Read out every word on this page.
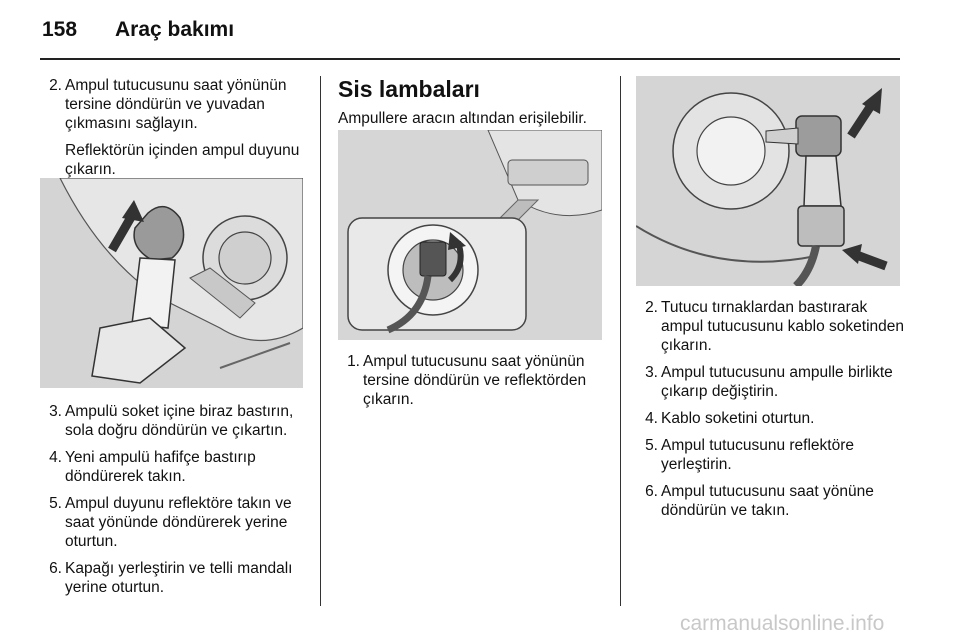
158 Araç bakımı
2. Ampul tutucusunu saat yönünün tersine döndürün ve yuvadan çıkmasını sağlayın.
Reflektörün içinden ampul duyunu çıkarın.
3. Ampulü soket içine biraz bastırın, sola doğru döndürün ve çıkartın.
4. Yeni ampulü hafifçe bastırıp döndürerek takın.
5. Ampul duyunu reflektöre takın ve saat yönünde döndürerek yerine oturtun.
6. Kapağı yerleştirin ve telli mandalı yerine oturtun.
Sis lambaları
Ampullere aracın altından erişilebilir.
1. Ampul tutucusunu saat yönünün tersine döndürün ve reflektörden çıkarın.
2. Tutucu tırnaklardan bastırarak ampul tutucusunu kablo soketinden çıkarın.
3. Ampul tutucusunu ampulle birlikte çıkarıp değiştirin.
4. Kablo soketini oturtun.
5. Ampul tutucusunu reflektöre yerleştirin.
6. Ampul tutucusunu saat yönüne döndürün ve takın.
carmanualsonline.info
